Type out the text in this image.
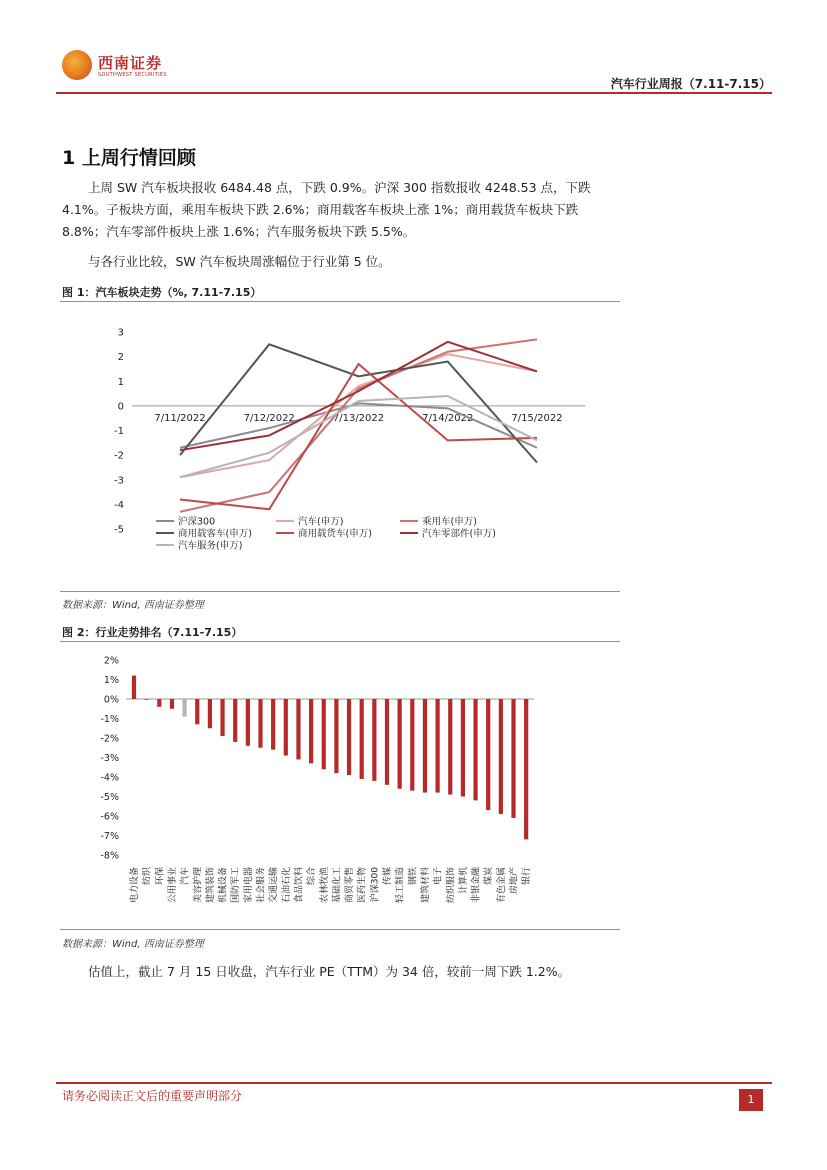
西南证券
SOUTHWEST SECURITIES
汽车行业周报（7.11-7.15）
1 上周行情回顾
上周 SW 汽车板块报收 6484.48 点，下跌 0.9%。沪深 300 指数报收 4248.53 点，下跌 4.1%。子板块方面，乘用车板块下跌 2.6%；商用载客车板块上涨 1%；商用载货车板块下跌 8.8%；汽车零部件板块上涨 1.6%；汽车服务板块下跌 5.5%。
与各行业比较，SW 汽车板块周涨幅位于行业第 5 位。
图 1：汽车板块走势（%, 7.11-7.15）
3
2
1
0
-1
-2
-3
-4
-5
7/11/2022	7/12/2022	7/13/2022	7/14/2022	7/15/2022
沪深300	汽车(申万)	乘用车(申万)
商用载客车(申万)	商用载货车(申万)	汽车零部件(申万)
汽车服务(申万)
数据来源：Wind, 西南证券整理
图 2：行业走势排名（7.11-7.15）
2%
1%
0%
-1%
-2%
-3%
-4%
-5%
-6%
-7%
-8%
电力设备 纺织 环保 公用事业 汽车 美容护理 建筑装饰 机械设备 国防军工 家用电器 社会服务 交通运输 石油石化 食品饮料 综合 农林牧渔 基础化工 商贸零售 医药生物 沪深300 传媒 轻工制造 钢铁 建筑材料 电子 纺织服饰 计算机 非银金融 煤炭 有色金属 房地产 银行
数据来源：Wind, 西南证券整理
估值上，截止 7 月 15 日收盘，汽车行业 PE（TTM）为 34 倍，较前一周下跌 1.2%。
请务必阅读正文后的重要声明部分	1
